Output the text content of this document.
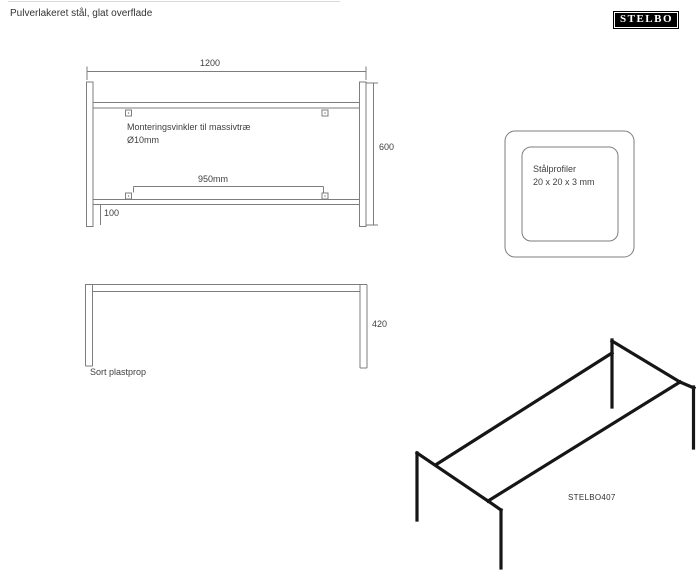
Pulverlakeret stål, glat overflade	STELBO
1200
600
Monteringsvinkler til massivtræ
Ø10mm
950mm
100
420
Sort plastprop
Stålprofiler
20 x 20 x 3 mm
STELBO407
